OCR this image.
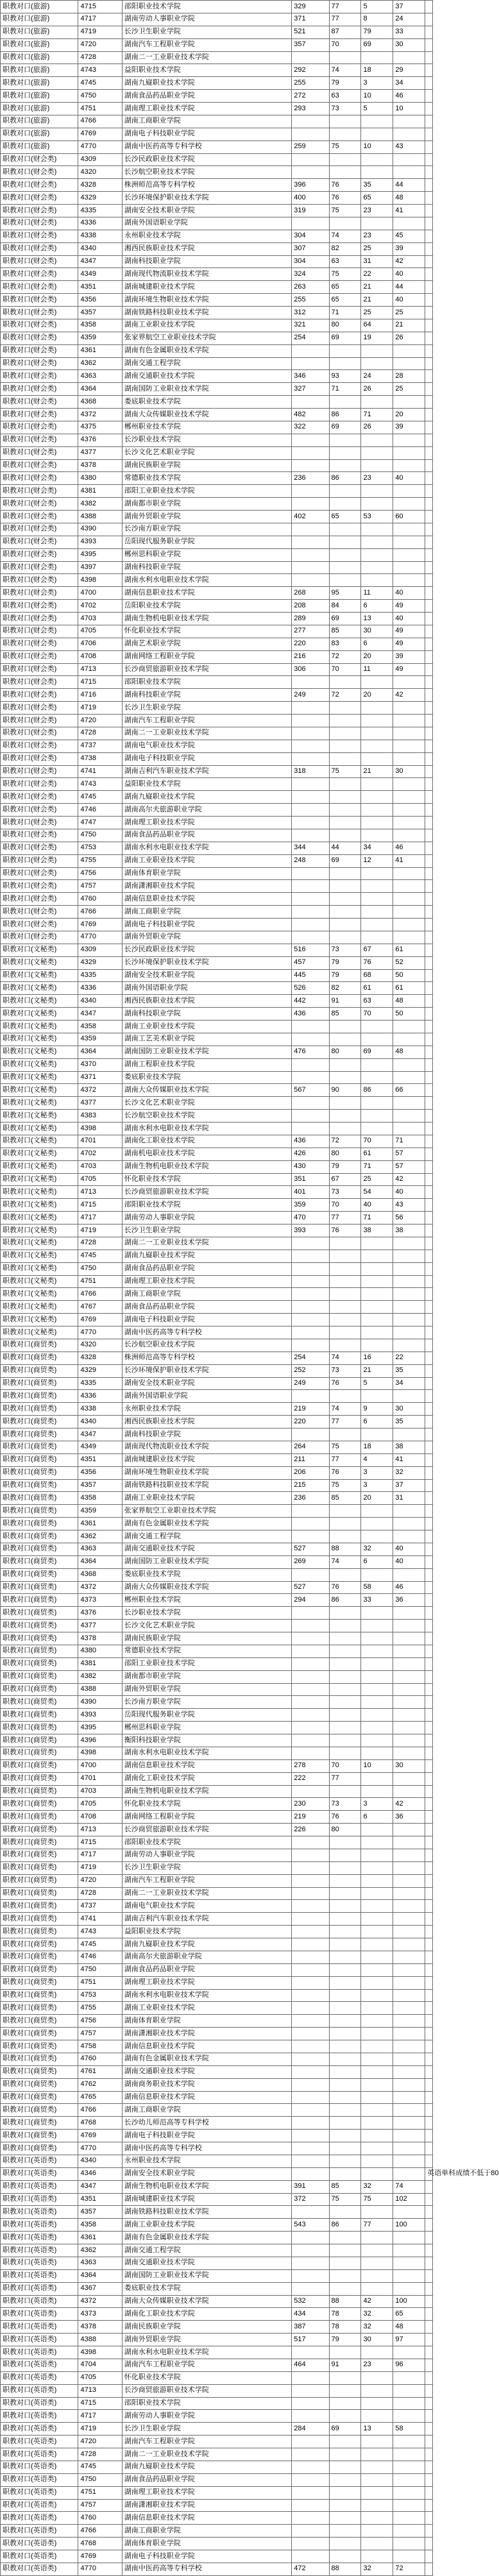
职教对口(旅游)	4715	邵阳职业技术学院	329	77	5	37	
职教对口(旅游)	4717	湖南劳动人事职业学院	371	77	8	24	
职教对口(旅游)	4719	长沙卫生职业学院	521	87	79	33	
职教对口(旅游)	4720	湖南汽车工程职业学院	357	70	69	30	
职教对口(旅游)	4728	湖南二一工业职业技术学院					
职教对口(旅游)	4743	益阳职业技术学院	292	74	18	29	
职教对口(旅游)	4745	湖南九嶷职业技术学院	255	79	3	34	
职教对口(旅游)	4750	湖南食品药品职业学院	272	63	10	46	
职教对口(旅游)	4751	湖南理工职业技术学院	293	73	5	10	
职教对口(旅游)	4766	湖南工商职业学院					
职教对口(旅游)	4769	湖南电子科技职业学院					
职教对口(旅游)	4770	湖南中医药高等专科学校	259	75	10	43	
职教对口(财会类)	4309	长沙民政职业技术学院					
职教对口(财会类)	4320	长沙航空职业技术学院					
职教对口(财会类)	4328	株洲师范高等专科学校	396	76	35	44	
职教对口(财会类)	4329	长沙环境保护职业技术学院	400	76	65	48	
职教对口(财会类)	4335	湖南安全技术职业学院	319	75	23	41	
职教对口(财会类)	4336	湖南外国语职业学院					
职教对口(财会类)	4338	永州职业技术学院	304	74	23	45	
职教对口(财会类)	4340	湘西民族职业技术学院	307	82	25	39	
职教对口(财会类)	4347	湖南科技职业学院	304	63	31	42	
职教对口(财会类)	4349	湖南现代物流职业技术学院	324	75	22	40	
职教对口(财会类)	4351	湖南城建职业技术学院	263	65	21	44	
职教对口(财会类)	4356	湖南环境生物职业技术学院	255	65	21	40	
职教对口(财会类)	4357	湖南铁路科技职业技术学院	312	71	25	25	
职教对口(财会类)	4358	湖南工业职业技术学院	321	80	64	21	
职教对口(财会类)	4359	张家界航空工业职业技术学院	254	69	19	26	
职教对口(财会类)	4361	湖南有色金属职业技术学院					
职教对口(财会类)	4362	湖南交通工程学院					
职教对口(财会类)	4363	湖南交通职业技术学院	346	93	24	28	
职教对口(财会类)	4364	湖南国防工业职业技术学院	327	71	26	25	
职教对口(财会类)	4368	娄底职业技术学院					
职教对口(财会类)	4372	湖南大众传媒职业技术学院	482	86	71	20	
职教对口(财会类)	4375	郴州职业技术学院	322	69	26	39	
职教对口(财会类)	4376	长沙职业技术学院					
职教对口(财会类)	4377	长沙文化艺术职业学院					
职教对口(财会类)	4378	湖南民族职业学院					
职教对口(财会类)	4380	常德职业技术学院	236	86	23	40	
职教对口(财会类)	4381	邵阳工业职业技术学院					
职教对口(财会类)	4382	湖南都市职业学院					
职教对口(财会类)	4388	湖南外贸职业学院	402	65	53	60	
职教对口(财会类)	4390	长沙南方职业学院					
职教对口(财会类)	4393	岳阳现代服务职业学院					
职教对口(财会类)	4395	郴州思科职业学院					
职教对口(财会类)	4397	湖南科技职业学院					
职教对口(财会类)	4398	湖南水利水电职业技术学院					
职教对口(财会类)	4700	湖南信息职业技术学院	268	95	11	40	
职教对口(财会类)	4702	岳阳职业技术学院	208	84	6	49	
职教对口(财会类)	4703	湖南生物机电职业技术学院	289	69	13	40	
职教对口(财会类)	4705	怀化职业技术学院	277	85	30	49	
职教对口(财会类)	4706	湖南艺术职业学院	220	83	6	49	
职教对口(财会类)	4708	湖南网络工程职业学院	216	72	20	39	
职教对口(财会类)	4713	长沙商贸旅游职业技术学院	306	70	11	49	
职教对口(财会类)	4715	邵阳职业技术学院					
职教对口(财会类)	4716	湖南科技职业学院	249	72	20	42	
职教对口(财会类)	4719	长沙卫生职业学院					
职教对口(财会类)	4720	湖南汽车工程职业学院					
职教对口(财会类)	4728	湖南二一工业职业技术学院					
职教对口(财会类)	4737	湖南电气职业技术学院					
职教对口(财会类)	4738	湖南电子科技职业学院					
职教对口(财会类)	4741	湖南吉利汽车职业技术学院	318	75	21	30	
职教对口(财会类)	4743	益阳职业技术学院					
职教对口(财会类)	4745	湖南九嶷职业技术学院					
职教对口(财会类)	4746	湖南高尔夫旅游职业学院					
职教对口(财会类)	4747	湖南理工职业技术学院					
职教对口(财会类)	4750	湖南食品药品职业学院					
职教对口(财会类)	4753	湖南水利水电职业技术学院	344	44	34	46	
职教对口(财会类)	4755	湖南工业职业技术学院	248	69	12	41	
职教对口(财会类)	4756	湖南体育职业学院					
职教对口(财会类)	4757	湖南潇湘职业技术学院					
职教对口(财会类)	4760	湖南信息职业技术学院					
职教对口(财会类)	4766	湖南工商职业学院					
职教对口(财会类)	4769	湖南电子科技职业学院					
职教对口(财会类)	4770	湖南外贸职业学院					
职教对口(文秘类)	4309	长沙民政职业技术学院	516	73	67	61	
职教对口(文秘类)	4329	长沙环境保护职业技术学院	457	79	76	52	
职教对口(文秘类)	4335	湖南安全技术职业学院	445	79	68	50	
职教对口(文秘类)	4336	湖南外国语职业学院	526	82	61	61	
职教对口(文秘类)	4340	湘西民族职业技术学院	442	91	63	48	
职教对口(文秘类)	4347	湖南科技职业学院	436	85	70	50	
职教对口(文秘类)	4358	湖南工业职业技术学院					
职教对口(文秘类)	4359	湖南工艺美术职业学院					
职教对口(文秘类)	4364	湖南国防工业职业技术学院	476	80	69	48	
职教对口(文秘类)	4370	湖南工程职业技术学院					
职教对口(文秘类)	4371	娄底职业技术学院					
职教对口(文秘类)	4372	湖南大众传媒职业技术学院	567	90	86	66	
职教对口(文秘类)	4377	长沙文化艺术职业学院					
职教对口(文秘类)	4383	长沙航空职业技术学院					
职教对口(文秘类)	4398	湖南水利水电职业技术学院					
职教对口(文秘类)	4701	湖南化工职业技术学院	436	72	70	71	
职教对口(文秘类)	4702	湖南机电职业技术学院	426	80	61	57	
职教对口(文秘类)	4703	湖南生物机电职业技术学院	430	79	71	57	
职教对口(文秘类)	4705	怀化职业技术学院	351	67	25	42	
职教对口(文秘类)	4713	长沙商贸旅游职业技术学院	401	73	54	40	
职教对口(文秘类)	4715	邵阳职业技术学院	359	70	40	43	
职教对口(文秘类)	4717	湖南劳动人事职业学院	470	77	71	56	
职教对口(文秘类)	4719	长沙卫生职业学院	393	76	38	38	
职教对口(文秘类)	4728	湖南二一工业职业技术学院					
职教对口(文秘类)	4745	湖南九嶷职业技术学院					
职教对口(文秘类)	4750	湖南食品药品职业学院					
职教对口(文秘类)	4751	湖南理工职业技术学院					
职教对口(文秘类)	4766	湖南工商职业学院					
职教对口(文秘类)	4767	湖南食品药品职业学院					
职教对口(文秘类)	4769	湖南电子科技职业学院					
职教对口(文秘类)	4770	湖南中医药高等专科学校					
职教对口(商贸类)	4320	长沙航空职业技术学院					
职教对口(商贸类)	4328	株洲师范高等专科学校	254	74	16	22	
职教对口(商贸类)	4329	长沙环境保护职业技术学院	252	73	21	35	
职教对口(商贸类)	4335	湖南安全技术职业学院	249	76	5	34	
职教对口(商贸类)	4336	湖南外国语职业学院					
职教对口(商贸类)	4338	永州职业技术学院	219	74	9	30	
职教对口(商贸类)	4340	湘西民族职业技术学院	220	77	6	35	
职教对口(商贸类)	4347	湖南科技职业学院					
职教对口(商贸类)	4349	湖南现代物流职业技术学院	264	75	18	38	
职教对口(商贸类)	4351	湖南城建职业技术学院	211	77	4	41	
职教对口(商贸类)	4356	湖南环境生物职业技术学院	206	76	3	32	
职教对口(商贸类)	4357	湖南铁路科技职业技术学院	215	75	3	37	
职教对口(商贸类)	4358	湖南工业职业技术学院	236	85	20	31	
职教对口(商贸类)	4359	张家界航空工业职业技术学院					
职教对口(商贸类)	4361	湖南有色金属职业技术学院					
职教对口(商贸类)	4362	湖南交通工程学院					
职教对口(商贸类)	4363	湖南交通职业技术学院	527	88	32	40	
职教对口(商贸类)	4364	湖南国防工业职业技术学院	269	74	6	40	
职教对口(商贸类)	4368	娄底职业技术学院					
职教对口(商贸类)	4372	湖南大众传媒职业技术学院	527	76	58	46	
职教对口(商贸类)	4373	郴州职业技术学院	294	86	33	36	
职教对口(商贸类)	4376	长沙职业技术学院					
职教对口(商贸类)	4377	长沙文化艺术职业学院					
职教对口(商贸类)	4378	湖南民族职业学院					
职教对口(商贸类)	4380	常德职业技术学院					
职教对口(商贸类)	4381	邵阳工业职业技术学院					
职教对口(商贸类)	4382	湖南都市职业学院					
职教对口(商贸类)	4388	湖南外贸职业学院					
职教对口(商贸类)	4390	长沙南方职业学院					
职教对口(商贸类)	4393	岳阳现代服务职业学院					
职教对口(商贸类)	4395	郴州思科职业学院					
职教对口(商贸类)	4396	衡阳科技职业学院					
职教对口(商贸类)	4398	湖南水利水电职业技术学院					
职教对口(商贸类)	4700	湖南信息职业技术学院	278	70	10	30	
职教对口(商贸类)	4701	湖南化工职业技术学院	222	77			
职教对口(商贸类)	4703	湖南生物机电职业技术学院					
职教对口(商贸类)	4705	怀化职业技术学院	230	73	3	42	
职教对口(商贸类)	4708	湖南网络工程职业学院	219	76	6	36	
职教对口(商贸类)	4713	长沙商贸旅游职业技术学院	226	80			
职教对口(商贸类)	4715	邵阳职业技术学院					
职教对口(商贸类)	4717	湖南劳动人事职业学院					
职教对口(商贸类)	4719	长沙卫生职业学院					
职教对口(商贸类)	4720	湖南汽车工程职业学院					
职教对口(商贸类)	4728	湖南二一工业职业技术学院					
职教对口(商贸类)	4737	湖南电气职业技术学院					
职教对口(商贸类)	4741	湖南吉利汽车职业技术学院					
职教对口(商贸类)	4743	益阳职业技术学院					
职教对口(商贸类)	4745	湖南九嶷职业技术学院					
职教对口(商贸类)	4746	湖南高尔夫旅游职业学院					
职教对口(商贸类)	4750	湖南食品药品职业学院					
职教对口(商贸类)	4751	湖南理工职业技术学院					
职教对口(商贸类)	4753	湖南水利水电职业技术学院					
职教对口(商贸类)	4755	湖南工业职业技术学院					
职教对口(商贸类)	4756	湖南体育职业学院					
职教对口(商贸类)	4757	湖南潇湘职业技术学院					
职教对口(商贸类)	4758	湖南信息职业技术学院					
职教对口(商贸类)	4760	湖南有色金属职业技术学院					
职教对口(商贸类)	4761	湖南交通职业技术学院					
职教对口(商贸类)	4762	湖南商务职业技术学院					
职教对口(商贸类)	4765	湖南信息职业技术学院					
职教对口(商贸类)	4766	湖南工商职业学院					
职教对口(商贸类)	4768	长沙幼儿师范高等专科学校					
职教对口(商贸类)	4769	湖南电子科技职业学院					
职教对口(商贸类)	4770	湖南中医药高等专科学校					
职教对口(英语类)	4340	永州职业技术学院					
职教对口(英语类)	4346	湖南安全技术职业学院					英语单科成绩不低于80
职教对口(英语类)	4347	湖南生物机电职业技术学院	391	85	32	74	
职教对口(英语类)	4351	湖南城建职业技术学院	372	75	75	102	
职教对口(英语类)	4357	湖南铁路科技职业技术学院					
职教对口(英语类)	4358	湖南工业职业技术学院	543	86	77	100	
职教对口(英语类)	4361	湖南有色金属职业技术学院					
职教对口(英语类)	4362	湖南交通工程学院					
职教对口(英语类)	4363	湖南交通职业技术学院					
职教对口(英语类)	4364	湖南国防工业职业技术学院					
职教对口(英语类)	4367	娄底职业技术学院					
职教对口(英语类)	4372	湖南大众传媒职业技术学院	532	88	42	100	
职教对口(英语类)	4373	湖南化工职业技术学院	434	78	32	65	
职教对口(英语类)	4378	湖南民族职业学院	387	78	32	48	
职教对口(英语类)	4388	湖南外贸职业学院	517	79	30	97	
职教对口(英语类)	4398	湖南水利水电职业技术学院					
职教对口(英语类)	4704	湖南汽车工程职业学院	464	91	23	96	
职教对口(英语类)	4705	怀化职业技术学院					
职教对口(英语类)	4713	长沙商贸旅游职业技术学院					
职教对口(英语类)	4715	邵阳职业技术学院					
职教对口(英语类)	4717	湖南劳动人事职业学院					
职教对口(英语类)	4719	长沙卫生职业学院	284	69	13	58	
职教对口(英语类)	4720	湖南汽车工程职业学院					
职教对口(英语类)	4728	湖南二一工业职业技术学院					
职教对口(英语类)	4745	湖南九嶷职业技术学院					
职教对口(英语类)	4750	湖南食品药品职业学院					
职教对口(英语类)	4751	湖南理工职业技术学院					
职教对口(英语类)	4757	湖南潇湘职业技术学院					
职教对口(英语类)	4760	湖南信息职业技术学院					
职教对口(英语类)	4766	湖南工商职业学院					
职教对口(英语类)	4768	湖南体育职业学院					
职教对口(英语类)	4769	湖南电子科技职业学院					
职教对口(英语类)	4770	湖南中医药高等专科学校	472	88	32	72	
